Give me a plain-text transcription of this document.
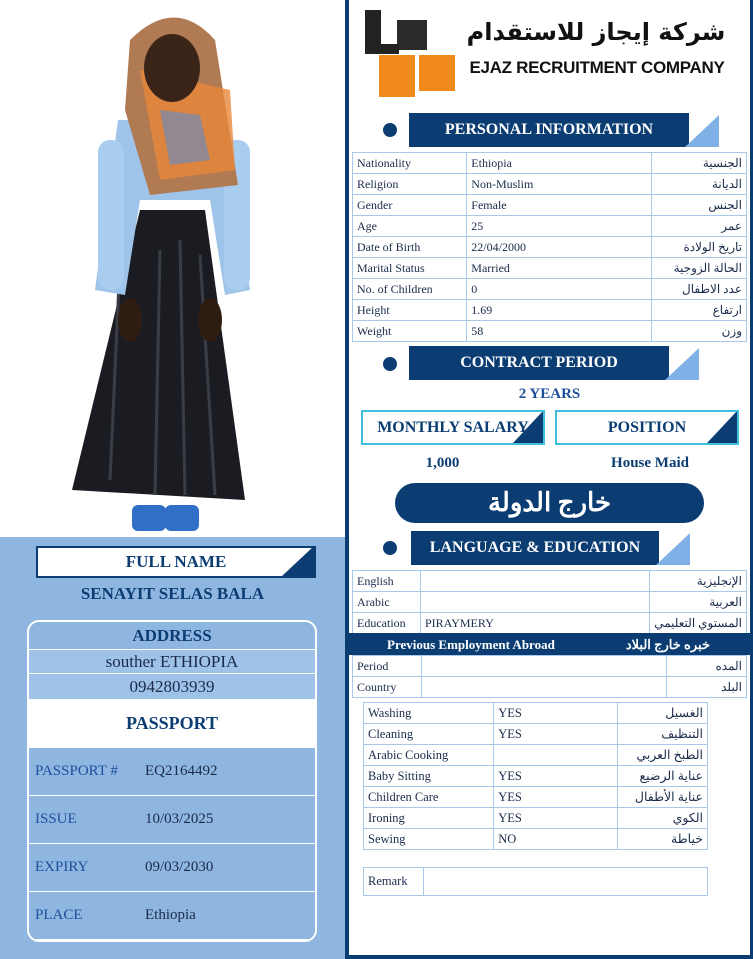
FULL NAME
SENAYIT SELAS BALA
ADDRESS
souther ETHIOPIA
0942803939
PASSPORT
PASSPORT # EQ2164492
ISSUE	10/03/2025
EXPIRY	09/03/2030
PLACE	Ethiopia
شركة إيجاز للاستقدام
EJAZ RECRUITMENT COMPANY
PERSONAL INFORMATION
Nationality	Ethiopia	الجنسية
Religion	Non-Muslim	الديانة
Gender	Female	الجنس
Age	25	عمر
Date of Birth	22/04/2000	تاريخ الولادة
Marital Status	Married	الحالة الزوجية
No. of Children	0	عدد الاطفال
Height	1.69	ارتفاع
Weight	58	وزن
CONTRACT PERIOD
2 YEARS
MONTHLY SALARY	POSITION
1,000	House Maid
خارج الدولة
LANGUAGE & EDUCATION
English		الإنجليزية
Arabic		العربية
Education	PIRAYMERY	المستوي التعليمي
Previous Employment Abroad	خبره خارج البلاد
Period		المده
Country		البلد
Washing	YES	الغسيل
Cleaning	YES	التنظيف
Arabic Cooking		الطبخ العربي
Baby Sitting	YES	عناية الرضيع
Children Care	YES	عناية الأطفال
Ironing	YES	الكوي
Sewing	NO	خياطة
Remark	
